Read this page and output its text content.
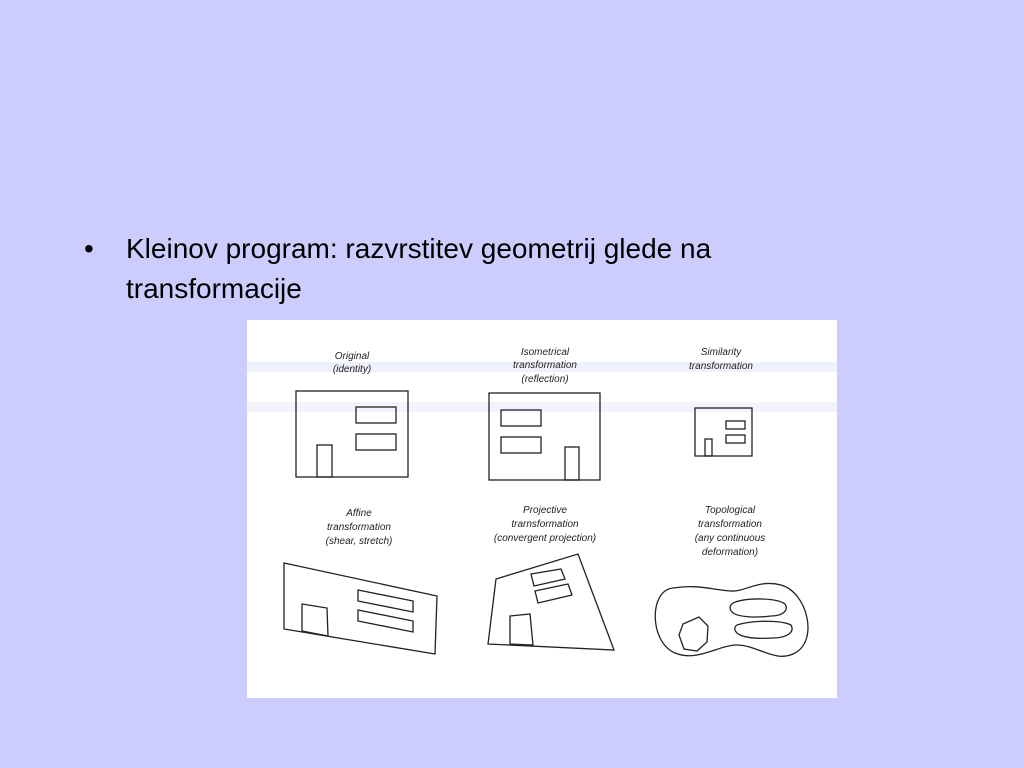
• Kleinov program: razvrstitev geometrij glede na
transformacije
Original
(identity)
Isometrical
transformation
(reflection)
Similarity
transformation
Affine
transformation
(shear, stretch)
Projective
trarnsformation
(convergent projection)
Topological
transformation
(any continuous
deformation)
